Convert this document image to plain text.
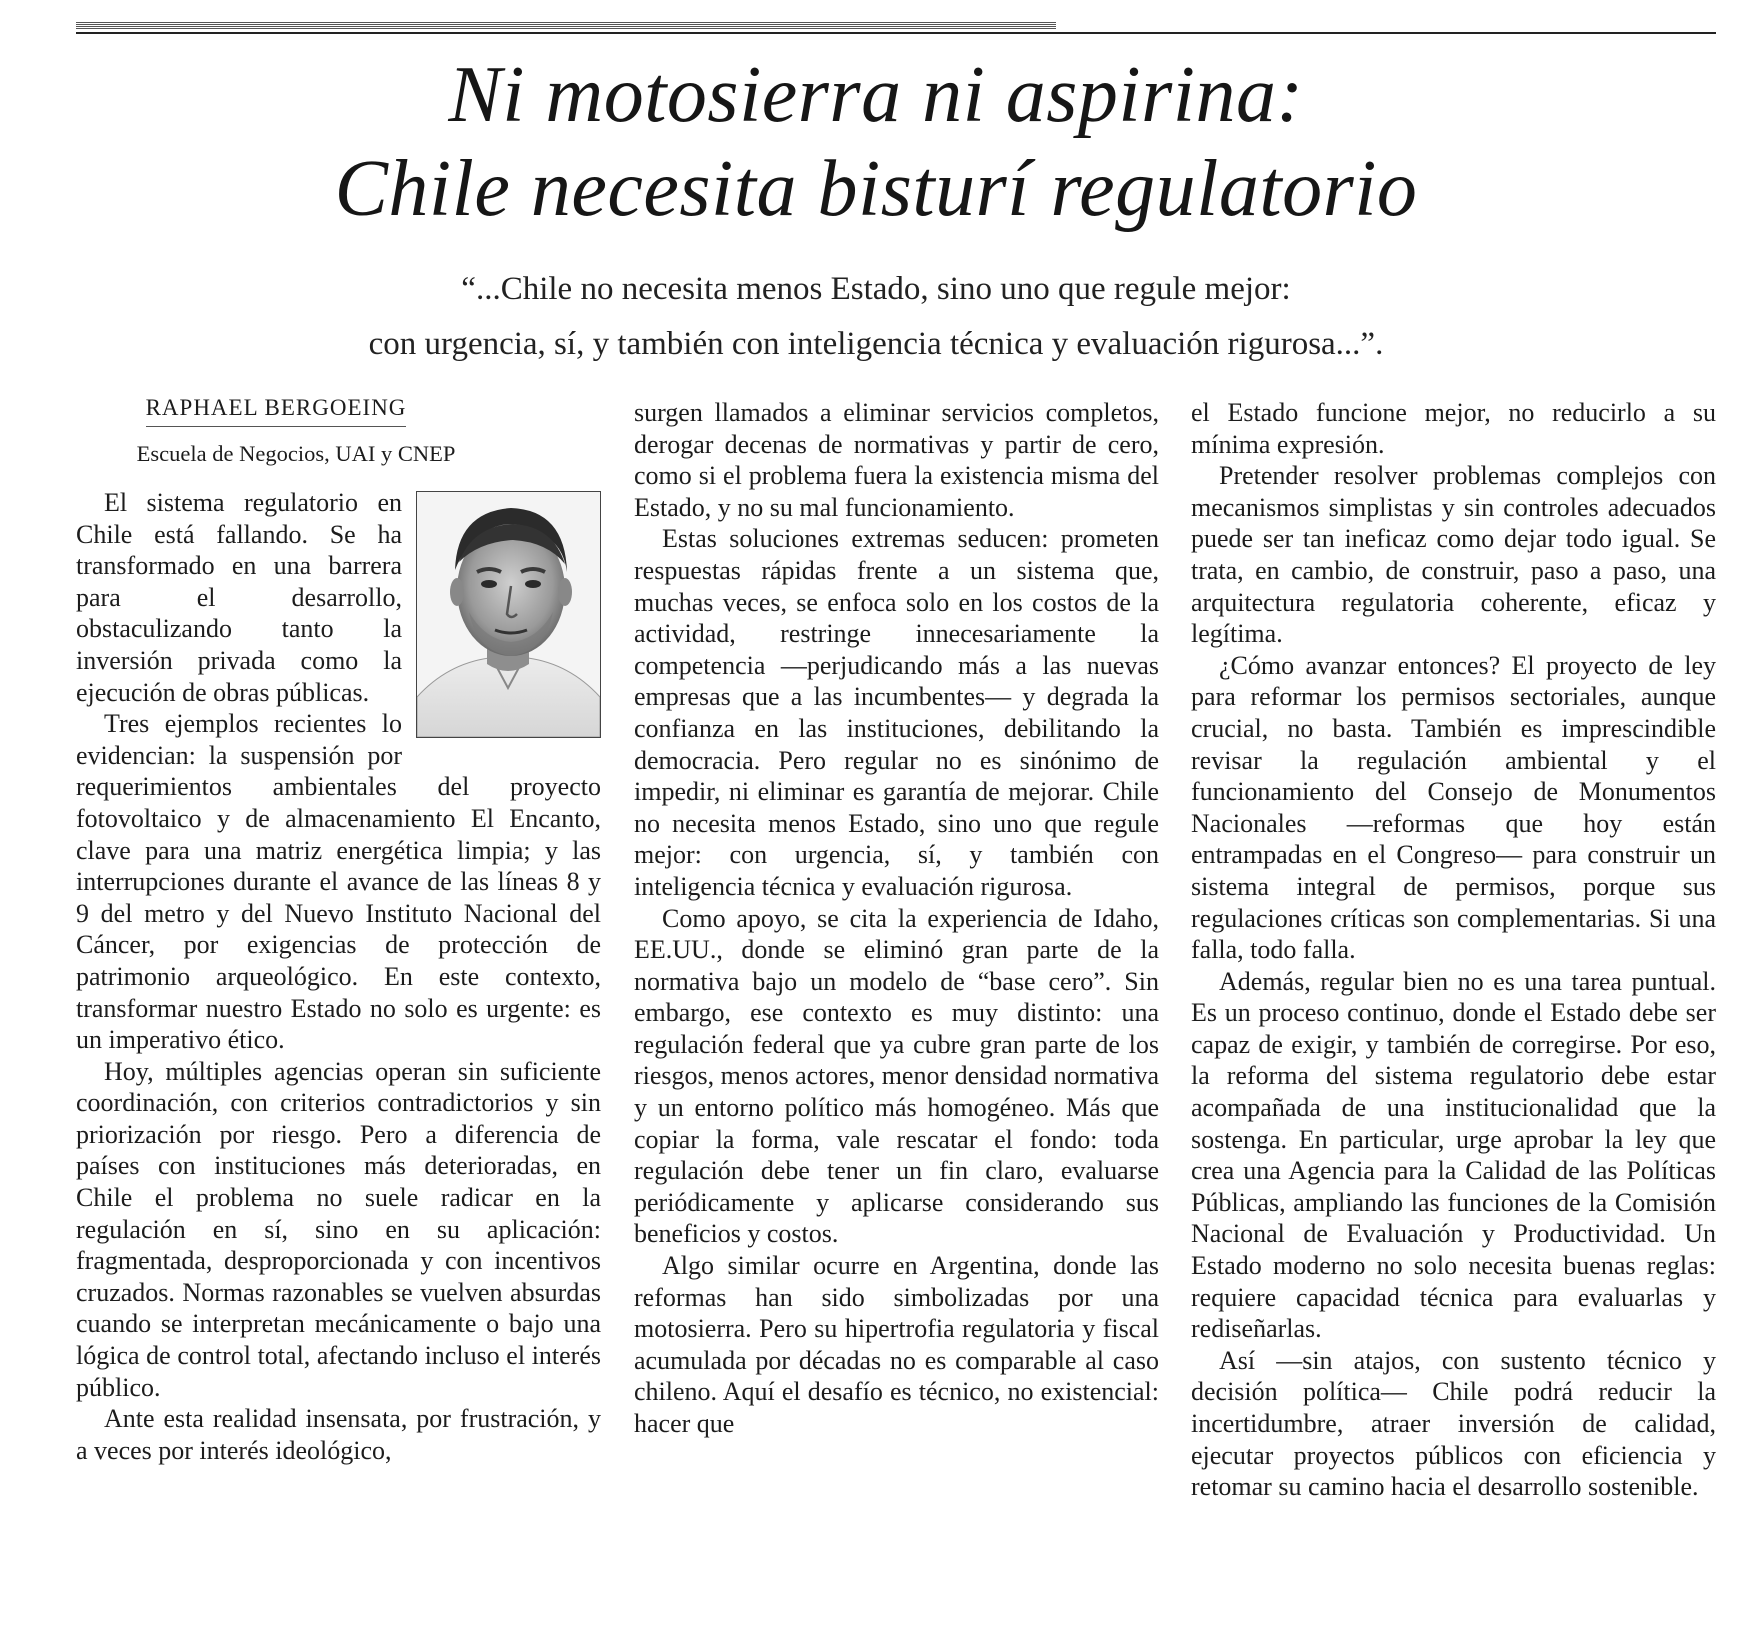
Ni motosierra ni aspirina:
Chile necesita bisturí regulatorio
“...Chile no necesita menos Estado, sino uno que regule mejor:
con urgencia, sí, y también con inteligencia técnica y evaluación rigurosa...”.
RAPHAEL BERGOEING
Escuela de Negocios, UAI y CNEP

El sistema regulatorio en Chile está fallando. Se ha transformado en una barrera para el desarrollo, obstaculizando tanto la inversión privada como la ejecución de obras públicas.

Tres ejemplos recientes lo evidencian: la suspensión por requerimientos ambientales del proyecto fotovoltaico y de almacenamiento El Encanto, clave para una matriz energética limpia; y las interrupciones durante el avance de las líneas 8 y 9 del metro y del Nuevo Instituto Nacional del Cáncer, por exigencias de protección de patrimonio arqueológico. En este contexto, transformar nuestro Estado no solo es urgente: es un imperativo ético.

Hoy, múltiples agencias operan sin suficiente coordinación, con criterios contradictorios y sin priorización por riesgo. Pero a diferencia de países con instituciones más deterioradas, en Chile el problema no suele radicar en la regulación en sí, sino en su aplicación: fragmentada, desproporcionada y con incentivos cruzados. Normas razonables se vuelven absurdas cuando se interpretan mecánicamente o bajo una lógica de control total, afectando incluso el interés público.

Ante esta realidad insensata, por frustración, y a veces por interés ideológico,

surgen llamados a eliminar servicios completos, derogar decenas de normativas y partir de cero, como si el problema fuera la existencia misma del Estado, y no su mal funcionamiento.

Estas soluciones extremas seducen: prometen respuestas rápidas frente a un sistema que, muchas veces, se enfoca solo en los costos de la actividad, restringe innecesariamente la competencia —perjudicando más a las nuevas empresas que a las incumbentes— y degrada la confianza en las instituciones, debilitando la democracia. Pero regular no es sinónimo de impedir, ni eliminar es garantía de mejorar. Chile no necesita menos Estado, sino uno que regule mejor: con urgencia, sí, y también con inteligencia técnica y evaluación rigurosa.

Como apoyo, se cita la experiencia de Idaho, EE.UU., donde se eliminó gran parte de la normativa bajo un modelo de “base cero”. Sin embargo, ese contexto es muy distinto: una regulación federal que ya cubre gran parte de los riesgos, menos actores, menor densidad normativa y un entorno político más homogéneo. Más que copiar la forma, vale rescatar el fondo: toda regulación debe tener un fin claro, evaluarse periódicamente y aplicarse considerando sus beneficios y costos.

Algo similar ocurre en Argentina, donde las reformas han sido simbolizadas por una motosierra. Pero su hipertrofia regulatoria y fiscal acumulada por décadas no es comparable al caso chileno. Aquí el desafío es técnico, no existencial: hacer que

el Estado funcione mejor, no reducirlo a su mínima expresión.

Pretender resolver problemas complejos con mecanismos simplistas y sin controles adecuados puede ser tan ineficaz como dejar todo igual. Se trata, en cambio, de construir, paso a paso, una arquitectura regulatoria coherente, eficaz y legítima.

¿Cómo avanzar entonces? El proyecto de ley para reformar los permisos sectoriales, aunque crucial, no basta. También es imprescindible revisar la regulación ambiental y el funcionamiento del Consejo de Monumentos Nacionales —reformas que hoy están entrampadas en el Congreso— para construir un sistema integral de permisos, porque sus regulaciones críticas son complementarias. Si una falla, todo falla.

Además, regular bien no es una tarea puntual. Es un proceso continuo, donde el Estado debe ser capaz de exigir, y también de corregirse. Por eso, la reforma del sistema regulatorio debe estar acompañada de una institucionalidad que la sostenga. En particular, urge aprobar la ley que crea una Agencia para la Calidad de las Políticas Públicas, ampliando las funciones de la Comisión Nacional de Evaluación y Productividad. Un Estado moderno no solo necesita buenas reglas: requiere capacidad técnica para evaluarlas y rediseñarlas.

Así —sin atajos, con sustento técnico y decisión política— Chile podrá reducir la incertidumbre, atraer inversión de calidad, ejecutar proyectos públicos con eficiencia y retomar su camino hacia el desarrollo sostenible.
